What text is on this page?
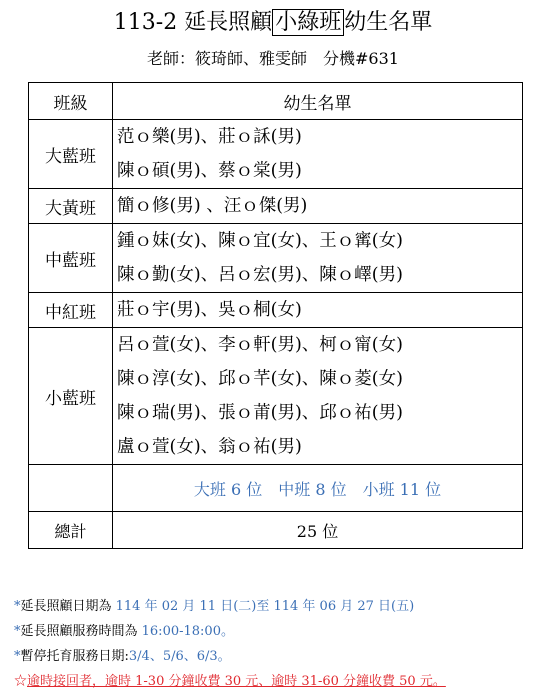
113-2 延長照顧 小綠班 幼生名單
老師：筱琦師、雅雯師　分機#631
班級	幼生名單
大藍班	范ｏ樂(男)、莊ｏ訸(男)
陳ｏ碩(男)、蔡ｏ棠(男)

大黃班	簡ｏ修(男) 、汪ｏ傑(男)

中藍班	鍾ｏ妺(女)、陳ｏ宜(女)、王ｏ寗(女)
陳ｏ勤(女)、呂ｏ宏(男)、陳ｏ嶧(男)

中紅班	莊ｏ宇(男)、吳ｏ桐(女)

小藍班	呂ｏ萱(女)、李ｏ軒(男)、柯ｏ甯(女)
陳ｏ淳(女)、邱ｏ芊(女)、陳ｏ菱(女)
陳ｏ瑞(男)、張ｏ莆(男)、邱ｏ祐(男)
盧ｏ萱(女)、翁ｏ祐(男)

	大班 6 位　中班 8 位　小班 11 位
總計	25 位
*延長照顧日期為 114 年 02 月 11 日(二)至 114 年 06 月 27 日(五)
*延長照顧服務時間為 16:00-18:00。
*暫停托育服務日期:3/4、5/6、6/3。
☆逾時接回者，逾時 1-30 分鐘收費 30 元、逾時 31-60 分鐘收費 50 元。
